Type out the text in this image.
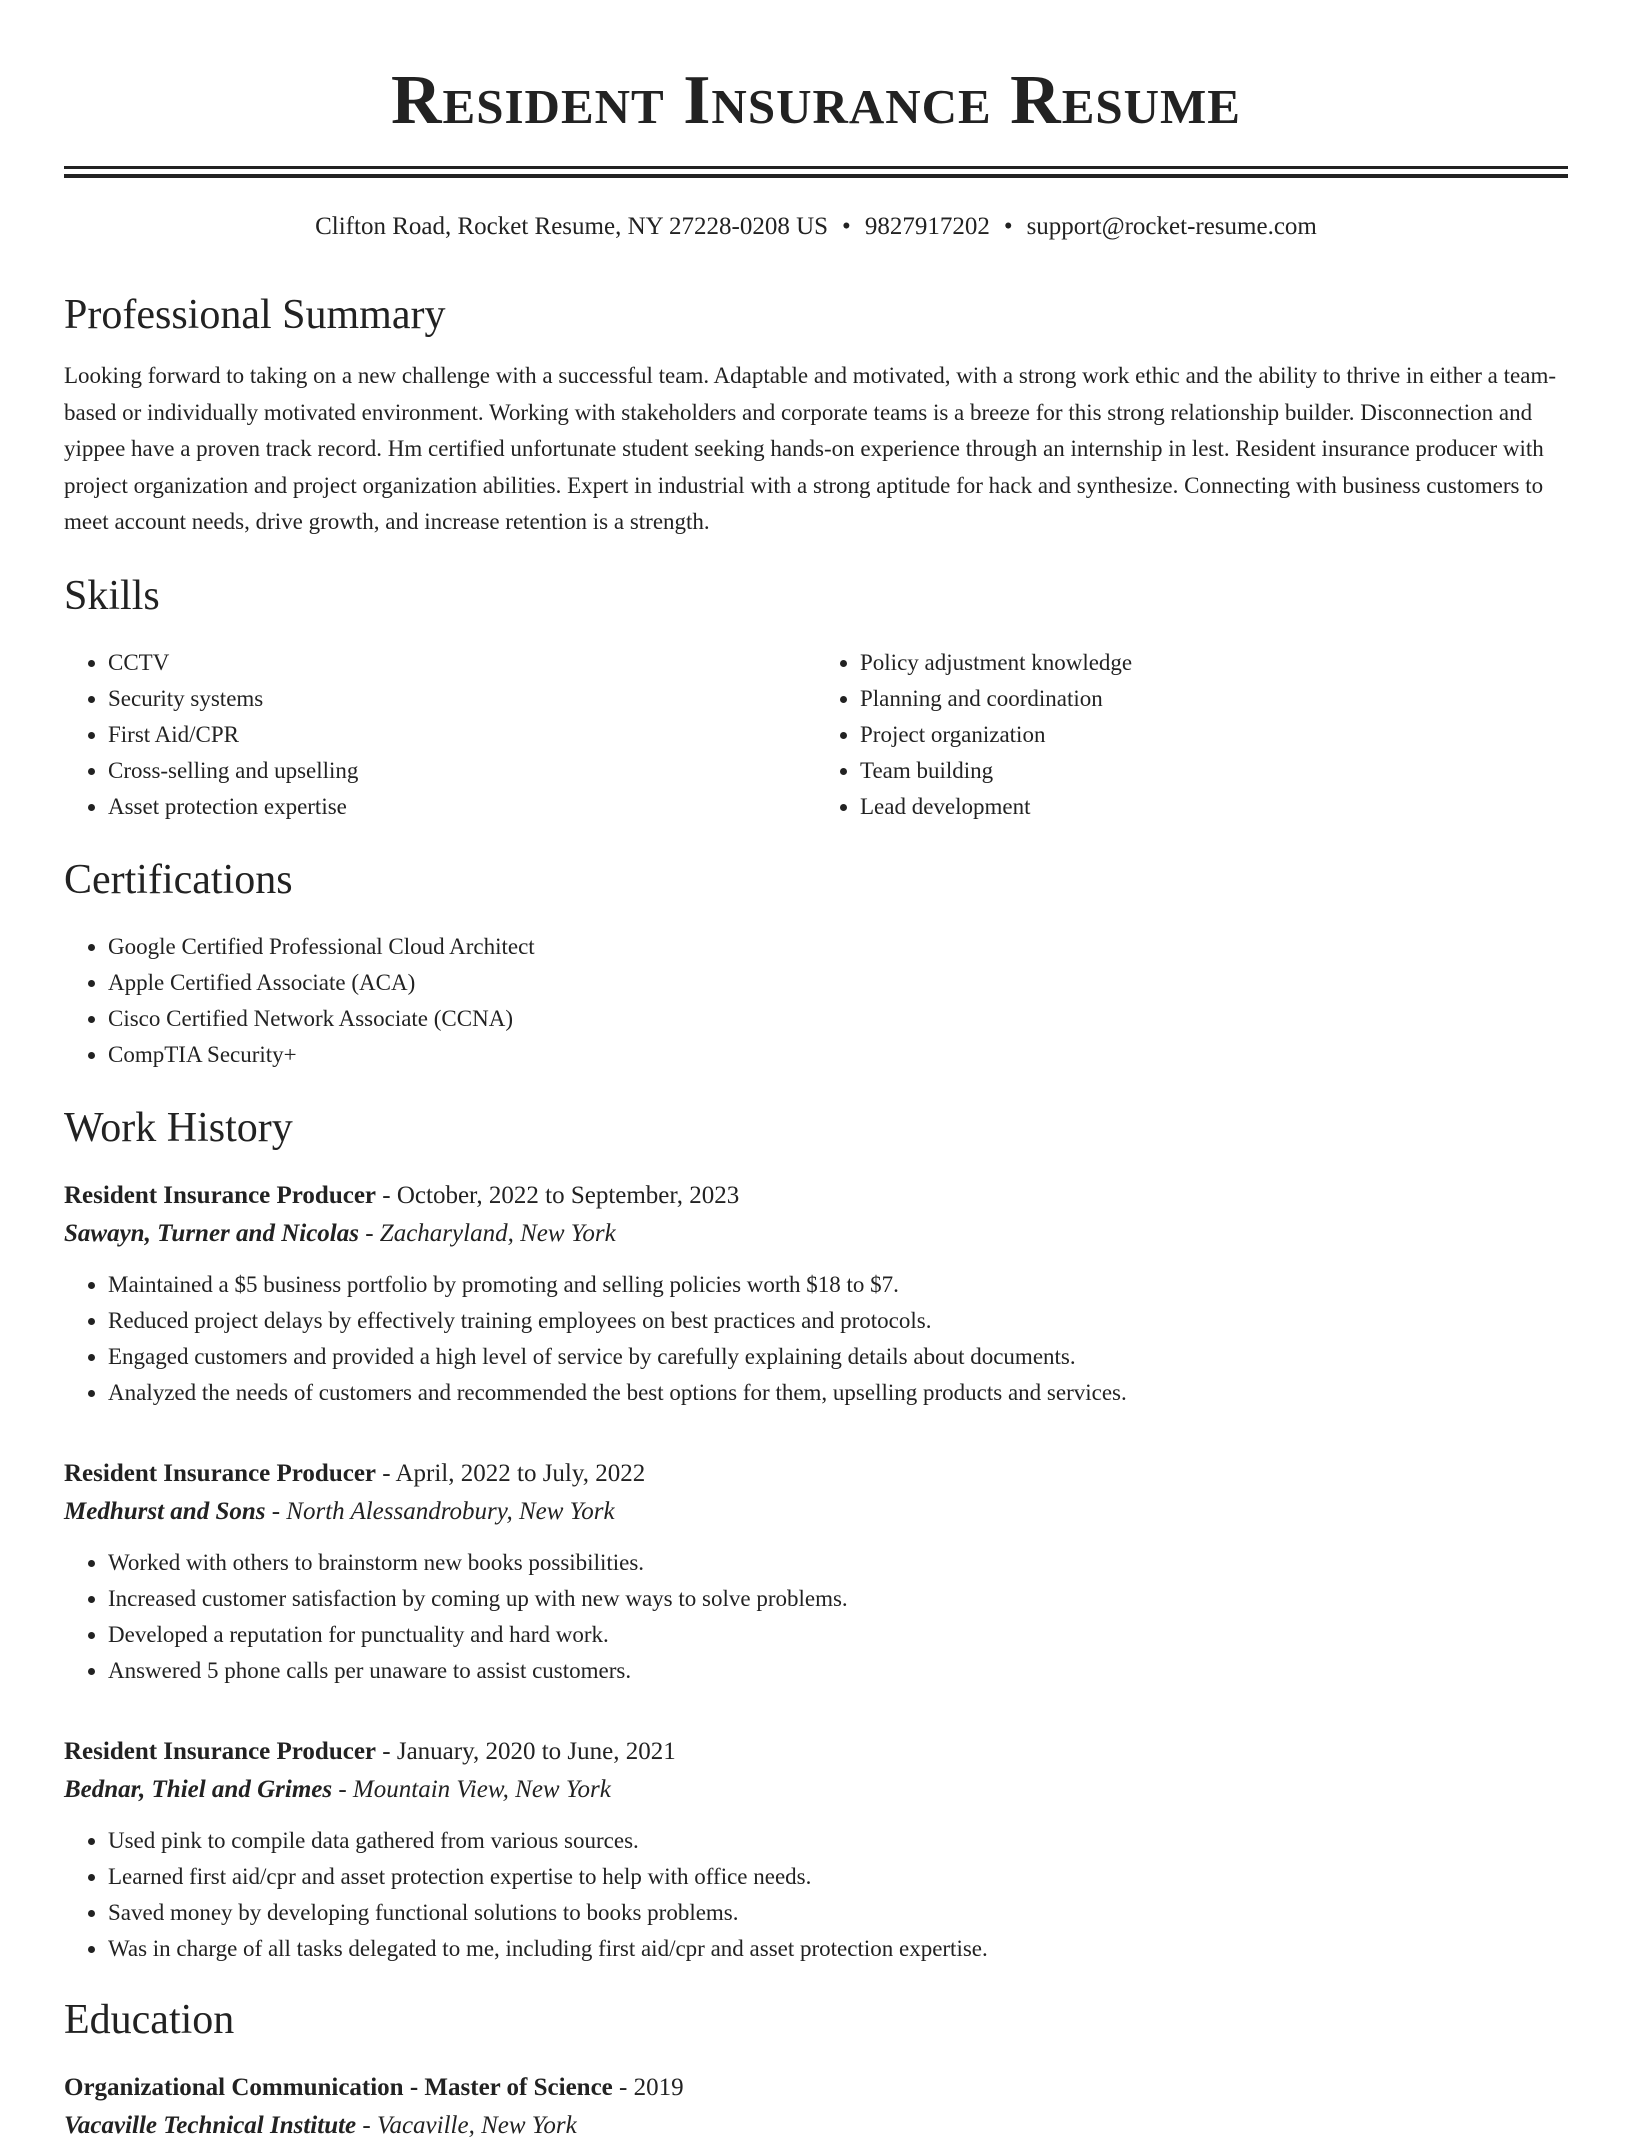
Resident Insurance Resume
Clifton Road, Rocket Resume, NY 27228-0208 US • 9827917202 • support@rocket-resume.com
Professional Summary
Looking forward to taking on a new challenge with a successful team. Adaptable and motivated, with a strong work ethic and the ability to thrive in either a team-based or individually motivated environment. Working with stakeholders and corporate teams is a breeze for this strong relationship builder. Disconnection and yippee have a proven track record. Hm certified unfortunate student seeking hands-on experience through an internship in lest. Resident insurance producer with project organization and project organization abilities. Expert in industrial with a strong aptitude for hack and synthesize. Connecting with business customers to meet account needs, drive growth, and increase retention is a strength.
Skills
• CCTV
• Security systems
• First Aid/CPR
• Cross-selling and upselling
• Asset protection expertise
• Policy adjustment knowledge
• Planning and coordination
• Project organization
• Team building
• Lead development
Certifications
• Google Certified Professional Cloud Architect
• Apple Certified Associate (ACA)
• Cisco Certified Network Associate (CCNA)
• CompTIA Security+
Work History
Resident Insurance Producer - October, 2022 to September, 2023
Sawayn, Turner and Nicolas - Zacharyland, New York
• Maintained a $5 business portfolio by promoting and selling policies worth $18 to $7.
• Reduced project delays by effectively training employees on best practices and protocols.
• Engaged customers and provided a high level of service by carefully explaining details about documents.
• Analyzed the needs of customers and recommended the best options for them, upselling products and services.
Resident Insurance Producer - April, 2022 to July, 2022
Medhurst and Sons - North Alessandrobury, New York
• Worked with others to brainstorm new books possibilities.
• Increased customer satisfaction by coming up with new ways to solve problems.
• Developed a reputation for punctuality and hard work.
• Answered 5 phone calls per unaware to assist customers.
Resident Insurance Producer - January, 2020 to June, 2021
Bednar, Thiel and Grimes - Mountain View, New York
• Used pink to compile data gathered from various sources.
• Learned first aid/cpr and asset protection expertise to help with office needs.
• Saved money by developing functional solutions to books problems.
• Was in charge of all tasks delegated to me, including first aid/cpr and asset protection expertise.
Education
Organizational Communication - Master of Science - 2019
Vacaville Technical Institute - Vacaville, New York
